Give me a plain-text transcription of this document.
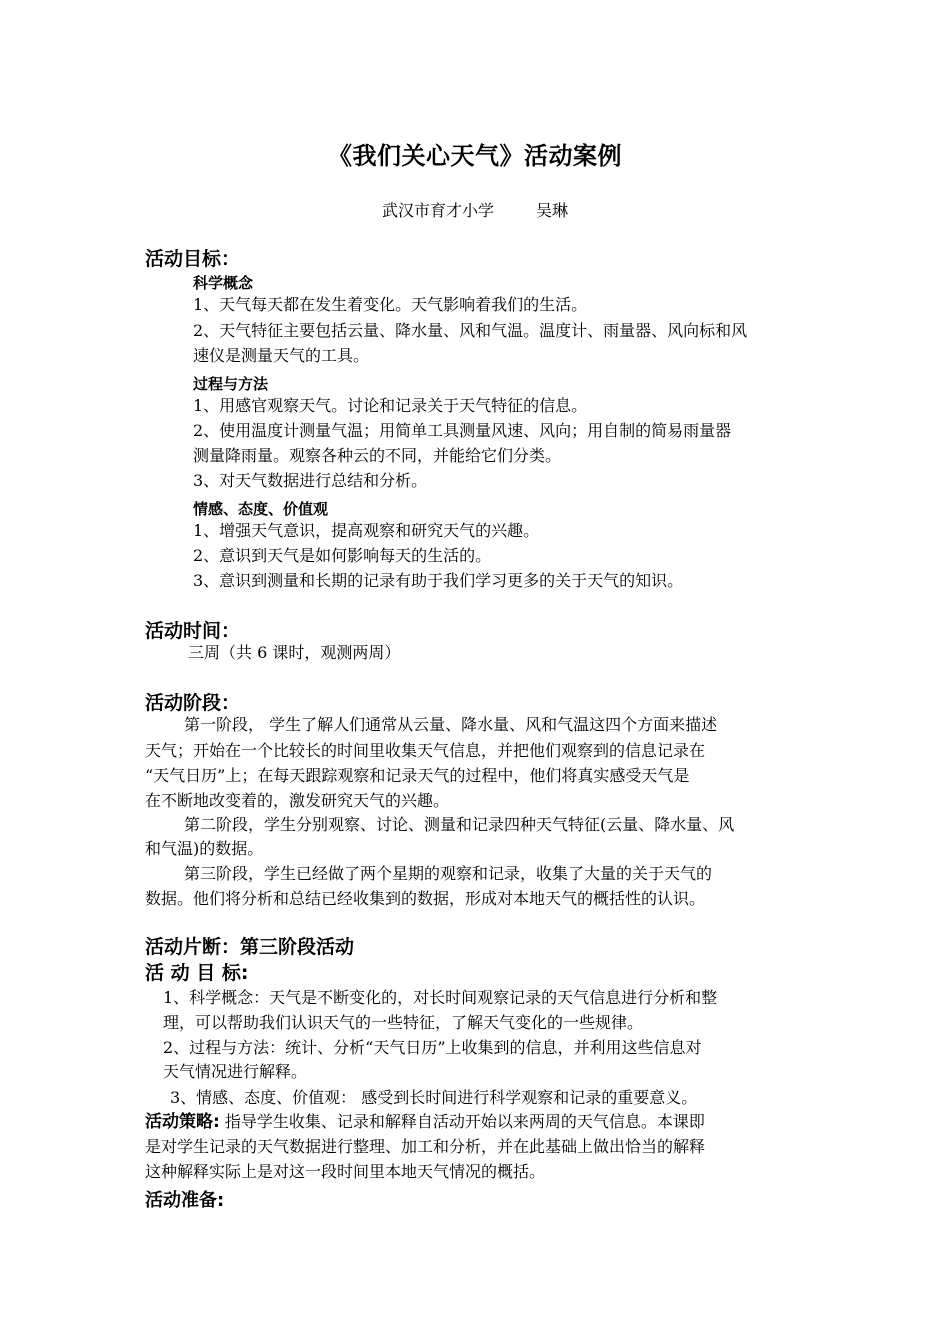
《我们关心天气》活动案例
武汉市育才小学	吴琳
活动目标：
科学概念
1、天气每天都在发生着变化。天气影响着我们的生活。
2、天气特征主要包括云量、降水量、风和气温。温度计、雨量器、风向标和风
速仪是测量天气的工具。
过程与方法
1、用感官观察天气。讨论和记录关于天气特征的信息。
2、使用温度计测量气温；用简单工具测量风速、风向；用自制的简易雨量器
测量降雨量。观察各种云的不同，并能给它们分类。
3、对天气数据进行总结和分析。
情感、态度、价值观
1、增强天气意识，提高观察和研究天气的兴趣。
2、意识到天气是如何影响每天的生活的。
3、意识到测量和长期的记录有助于我们学习更多的关于天气的知识。
活动时间：
三周（共 6 课时，观测两周）
活动阶段：
第一阶段， 学生了解人们通常从云量、降水量、风和气温这四个方面来描述
天气；开始在一个比较长的时间里收集天气信息，并把他们观察到的信息记录在
“天气日历”上；在每天跟踪观察和记录天气的过程中，他们将真实感受天气是
在不断地改变着的，激发研究天气的兴趣。
第二阶段，学生分别观察、讨论、测量和记录四种天气特征(云量、降水量、风
和气温)的数据。
第三阶段，学生已经做了两个星期的观察和记录，收集了大量的关于天气的
数据。他们将分析和总结已经收集到的数据，形成对本地天气的概括性的认识。
活动片断：第三阶段活动
活 动 目 标:
1、科学概念：天气是不断变化的，对长时间观察记录的天气信息进行分析和整
理，可以帮助我们认识天气的一些特征，了解天气变化的一些规律。
2、过程与方法：统计、分析“天气日历”上收集到的信息，并利用这些信息对
天气情况进行解释。
3、情感、态度、价值观： 感受到长时间进行科学观察和记录的重要意义。
活动策略: 指导学生收集、记录和解释自活动开始以来两周的天气信息。本课即
是对学生记录的天气数据进行整理、加工和分析，并在此基础上做出恰当的解释
这种解释实际上是对这一段时间里本地天气情况的概括。
活动准备:
